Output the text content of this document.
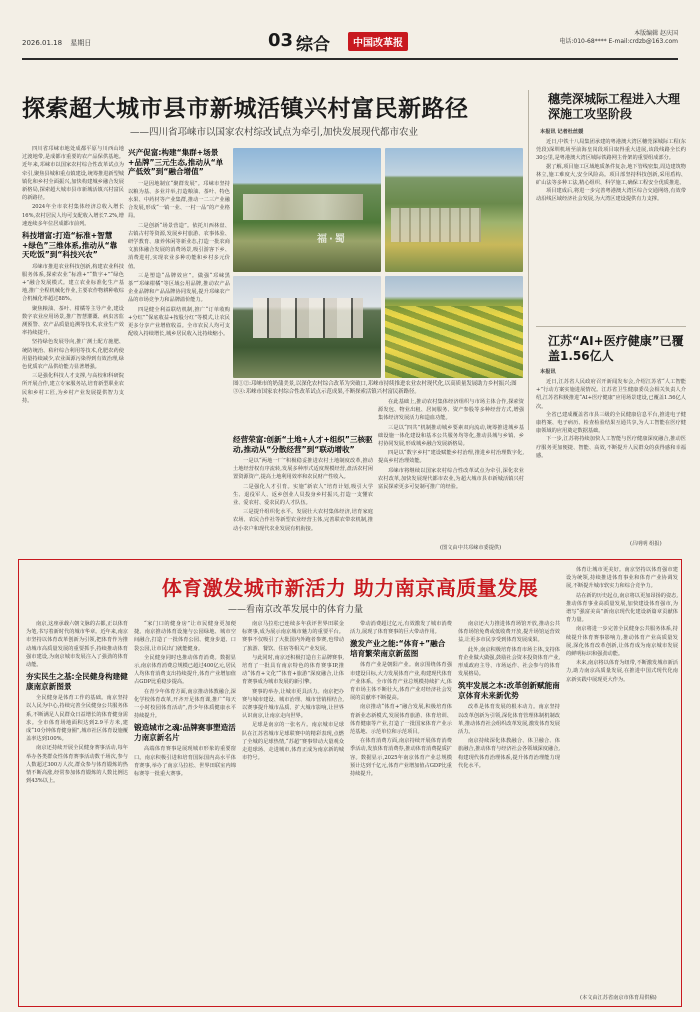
2026.01.18 星期日	03 综合	中国改革报
本版编辑 赵庆国
电话:010-68**** E-mail:crdzb@163.com
探索超大城市县市新城活镇兴村富民新路径
——四川省邛崃市以国家农村综改试点为牵引,加快发展现代都市农业

四川省邛崃市地处成都平原与川西山地过渡地带,是成都市重要的农产品保供基地。近年来,邛崃市以国家农村综合性改革试点为牵引,聚焦县城和重点镇建设,统筹推进新型城镇化和乡村全面振兴,加快构建城乡融合发展新格局,探索超大城市县市新城活镇兴村富民的新路径。

2024年全市农村集体经济总收入增长16%,农村居民人均可支配收入增长7.2%,增速连续多年位居成都市前列。

科技增富:打造“标准+智慧+绿色”三维体系,推动从“靠天吃饭”到“科技兴农”

邛崃市推进农业科技创新,构建农业科技服务体系,探索农业“标准+”“数字+”“绿色+”融合发展模式。建立农业标准化生产基地,推广全程机械化作业,主要农作物耕种收综合机械化率超过88%。

聚焦粮油、茶叶、柑橘等主导产业,建设数字农业应用场景,推广智慧灌溉、病虫害监测预警、农产品质量追溯等技术,农业生产效率持续提升。

坚持绿色发展导向,推广测土配方施肥、统防统治、秸秆综合利用等技术,化肥农药使用量持续减少,农业面源污染得到有效治理,绿色优质农产品供给能力显著增强。

三是强化科技人才支撑,与高校和科研院所开展合作,建立专家服务站,培育新型职业农民和乡村工匠,为乡村产业发展提供智力支持。

兴产促富:构建“集群+场景+品牌”三元生态,推动从“单产低效”到“融合增值”

一是因地制宜“聚群发展”。邛崃市坚持以粮为基、多业并举,打造粮油、茶叶、特色水果、中药材等产业集群,推动一二三产业融合发展,形成“一镇一业、一村一品”的产业格局。

二是创新“场景营造”。依托川西林盘、古镇古村等资源,发展乡村旅游、农事体验、研学教育、康养休闲等新业态,打造一批农商文旅体融合发展的消费场景,吸引游客下乡、消费进村,实现农业多种功能和乡村多元价值。

三是塑造“品牌效应”。做强“邛崃黑茶”“邛崃柑橘”等区域公用品牌,推动农产品企业品牌和产品品牌协同发展,提升邛崃农产品的市场竞争力和品牌溢价能力。

四是健全利益联结机制,推广“订单收购+分红”“保底收益+按股分红”等模式,让农民更多分享产业增值收益。全市农民人均可支配收入持续增长,城乡居民收入比持续缩小。

福·蜀
图①②:邛崃市的奶蒲美景,以深化农村综合改革为突破口,邛崃市持续推进农业农村现代化,以高质量发展助力乡村振兴;图③④:邛崃市国家农村综合性改革试点示范成果,不断探索活镇兴村富民新路径。
经营荣富:创新“土地+人才+组织”三核驱动,推动从“分散经营”到“联动增收”

一是以“两地一厂”积极稳妥推进农村土地制度改革,推动土地经营权有序流转,发展多种形式适度规模经营,盘活农村闲置资源资产,提高土地利用效率和农民财产性收入。

二是强化人才引育。实施“新农人”培育计划,吸引大学生、退役军人、返乡创业人员投身乡村振兴,打造一支懂农业、爱农村、爱农民的人才队伍。

三是提升组织化水平。发展壮大农村集体经济,培育家庭农场、农民合作社等新型农业经营主体,完善联农带农机制,推动小农户和现代农业发展有机衔接。

在此基础上,推动农村集体经济组织与市场主体合作,探索资源发包、物业出租、居间服务、资产参股等多种经营方式,增强集体经济发展活力和造血功能。

三是以“四共”机制推动城乡要素双向流动,统筹推进城乡基础设施一体化建设和基本公共服务均等化,推动县城与乡镇、乡村协同发展,形成城乡融合发展新格局。

四是以“数字乡村”建设赋能乡村治理,推进乡村治理数字化,提高乡村治理效能。

邛崃市将继续以国家农村综合性改革试点为牵引,深化农业农村改革,加快发展现代都市农业,为超大城市县市新城活镇兴村富民探索更多可复制可推广的经验。

(图文由中共邛崃市委提供)
穗莞深城际工程进入大理深施工攻坚阶段
本报讯 记者杜丝媛

近日,中铁十八局集团承建的粤港澳大湾区穗莞深城际工程(东莞段)深圳机场至前海皇岗段项目取得重大进展,该段线路全长约30公里,是粤港澳大湾区城际铁路网主骨架的重要组成部分。

据了解,项目施工区域地质条件复杂,地下管线密集,周边建筑物林立,施工难度大,安全风险高。项目部坚持科技创新,采用盾构、矿山法等多种工法,精心组织、科学施工,确保工程安全优质推进。

项目建成后,将进一步完善粤港澳大湾区综合交通网络,有效带动沿线区域经济社会发展,为大湾区建设提供有力支撑。

江苏“AI+医疗健康”已覆盖1.56亿人
本报讯

近日,江苏省人民政府召开新闻发布会,介绍江苏省“人工智能+”行动方案实施进展情况。江苏省卫生健康委员会相关负责人介绍,江苏省积极推进“AI+医疗健康”应用场景建设,已覆盖1.56亿人次。

全省已建成覆盖省市县三级的全民健康信息平台,推进电子健康档案、电子病历、检查检验结果互通共享,为人工智能在医疗健康领域的应用奠定数据基础。

下一步,江苏将持续加快人工智能与医疗健康深度融合,推动医疗服务更加便捷、智能、高效,不断提升人民群众的获得感和幸福感。

(吕明明 组报)
体育激发城市新活力 助力南京高质量发展
——看南京改革发展中的体育力量

南京,这座承载六朝文脉的古都,正以体育为笔,书写着新时代的城市华章。近年来,南京市坚持以体育改革创新为引领,把体育作为推动城市高质量发展的重要抓手,持续推动体育强市建设,为南京城市发展注入了强劲的体育动能。

夯实民生之基:全民健身构建健康南京新图景

全民健身是体育工作的基础。南京坚持以人民为中心,持续完善全民健身公共服务体系,不断满足人民群众日益增长的体育健身需求。全市体育场地面积达到2.9平方米,建成“10分钟体育健身圈”,城市社区体育设施覆盖率达到100%。

南京还持续开展全民健身赛事活动,每年举办各类群众性体育赛事活动数千场次,参与人数超过300万人次,群众参与体育锻炼的热情不断高涨,经常参加体育锻炼的人数比例达到43%以上。

“家门口的健身房”让市民健身更加便捷。南京推动体育设施与公园绿地、城市空间融合,打造了一批体育公园、健身步道、口袋公园,让市民出门就能健身。

全民健身同时也推动体育消费。数据显示,南京体育消费总规模已超过400亿元,居民人均体育消费支出持续提升,体育产业增加值占GDP比重稳步提高。

在青少年体育方面,南京推动体教融合,深化学校体育改革,开齐开足体育课,推广“每天一小时校园体育活动”,青少年体质健康水平持续提升。

锻造城市之魂:品牌赛事塑造活力南京新名片

高端体育赛事是展现城市形象的重要窗口。南京积极引进和培育国际国内高水平体育赛事,举办了南京马拉松、世界田联室内锦标赛等一批重大赛事。

南京马拉松已连续多年获评世界田联金标赛事,成为展示南京城市魅力的重要平台。赛事不仅吸引了大批国内外跑者参赛,也带动了旅游、餐饮、住宿等相关产业发展。

与此同时,南京还积极打造自主品牌赛事,培育了一批具有南京特色的体育赛事IP,推动“体育+文化”“体育+旅游”深度融合,让体育赛事成为城市发展的新引擎。

赛事的举办,让城市更具活力。南京把办赛与城市建设、城市治理、城市营销相结合,以赛事提升城市品质、扩大城市影响,让世界认识南京,让南京走向世界。

足球是南京的一张名片。南京城市足球队在江苏省城市足球联赛中的精彩表现,点燃了全城的足球热情,“苏超”赛事带动大量观众走进球场、走进城市,体育正成为南京新的城市符号。

带动消费超过亿元,有效激发了城市消费活力,展现了体育赛事的巨大带动作用。

激发产业之能:“体育+”融合培育繁荣南京新蓝图

体育产业是朝阳产业。南京围绕体育强市建设目标,大力发展体育产业,构建现代体育产业体系。全市体育产业总规模持续扩大,体育市场主体不断壮大,体育产业对经济社会发展的贡献率不断提高。

南京推动“体育+”融合发展,积极培育体育新业态新模式,发展体育旅游、体育培训、体育健康等产业,打造了一批国家体育产业示范基地、示范单位和示范项目。

在体育消费方面,南京持续开展体育消费季活动,发放体育消费券,推动体育消费提质扩容。数据显示,2025年南京体育产业总规模预计达到千亿元,体育产业增加值占GDP比重持续提升。

南京还大力推进体育场馆开放,推动公共体育场馆免费或低收费开放,提升场馆运营效益,让更多市民享受到体育发展成果。

此外,南京积极培育体育市场主体,支持体育企业做大做强,鼓励社会资本投资体育产业,形成政府主导、市场运作、社会参与的体育发展格局。

筑牢发展之本:改革创新赋能南京体育未来新优势

改革是体育发展的根本动力。南京坚持以改革创新为引领,深化体育管理体制机制改革,推动体育社会组织改革发展,激发体育发展活力。

南京持续深化体教融合、体卫融合、体旅融合,推动体育与经济社会各领域深度融合,构建现代体育治理体系,提升体育治理能力现代化水平。

体育让城市更美好。南京坚持以体育强市建设为统领,持续推进体育事业和体育产业协调发展,不断提升城市软实力和综合竞争力。

站在新的历史起点,南京将以更加昂扬的姿态,推动体育事业高质量发展,加快建设体育强市,为谱写“强富美高”新南京现代化建设新篇章贡献体育力量。

南京将进一步完善全民健身公共服务体系,持续提升体育赛事影响力,推动体育产业高质量发展,深化体育改革创新,让体育成为南京城市发展的鲜明标识和强劲动能。

未来,南京将以体育为纽带,不断激发城市新活力,助力南京高质量发展,在推进中国式现代化南京新实践中展现更大作为。

(本文由江苏省南京市体育局供稿)
